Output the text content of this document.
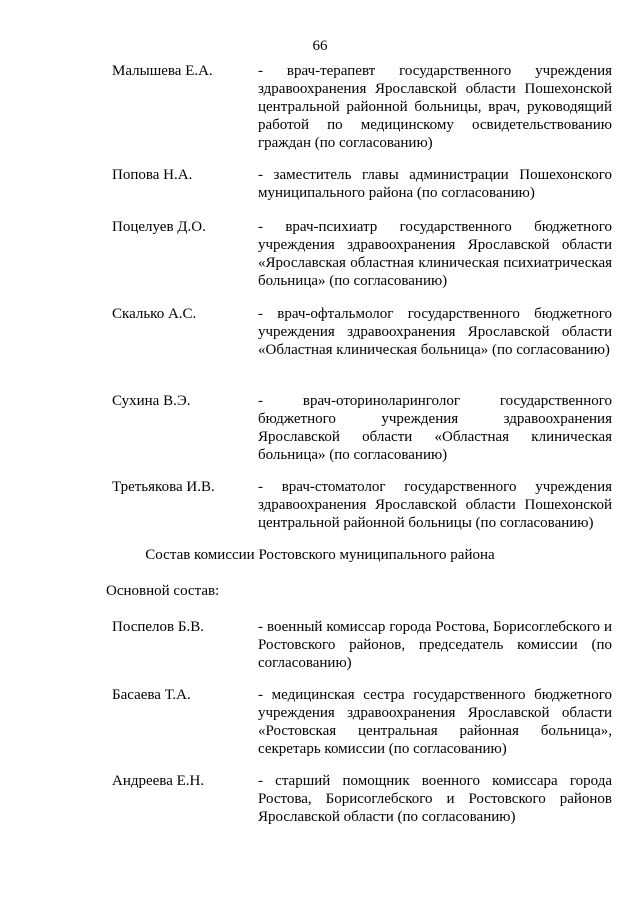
66
Малышева Е.А.	- врач-терапевт государственного учреждения здравоохранения Ярославской области Пошехонской центральной районной больницы, врач, руководящий работой по медицинскому освидетельствованию граждан (по согласованию)
Попова Н.А.	- заместитель главы администрации Пошехонского муниципального района (по согласованию)
Поцелуев Д.О.	- врач-психиатр государственного бюджетного учреждения здравоохранения Ярославской области «Ярославская областная клиническая психиатрическая больница» (по согласованию)
Скалько А.С.	- врач-офтальмолог государственного бюджетного учреждения здравоохранения Ярославской области «Областная клиническая больница» (по согласованию)
Сухина В.Э.	- врач-оториноларинголог государственного бюджетного учреждения здравоохранения Ярославской области «Областная клиническая больница» (по согласованию)
Третьякова И.В.	- врач-стоматолог государственного учреждения здравоохранения Ярославской области Пошехонской центральной районной больницы (по согласованию)
Состав комиссии Ростовского муниципального района
Основной состав:
Поспелов Б.В.	- военный комиссар города Ростова, Борисоглебского и Ростовского районов, председатель комиссии (по согласованию)
Басаева Т.А.	- медицинская сестра государственного бюджетного учреждения здравоохранения Ярославской области «Ростовская центральная районная больница», секретарь комиссии (по согласованию)
Андреева Е.Н.	- старший помощник военного комиссара города Ростова, Борисоглебского и Ростовского районов Ярославской области (по согласованию)
